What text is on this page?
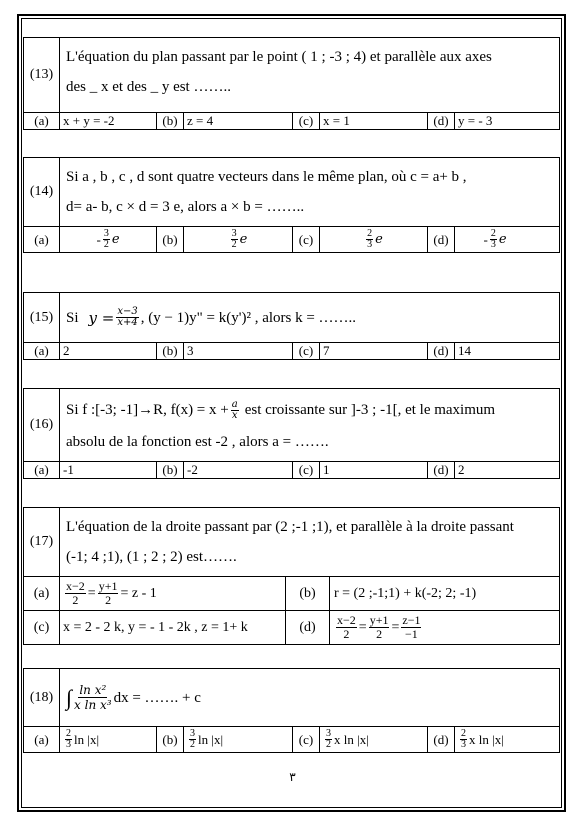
(13)
L'équation du plan passant par le point ( 1 ; -3 ; 4) et parallèle aux axes
des _ x et des _ y est ……..
(a)	x + y = -2	(b) z = 4	(c) x = 1	(d) y = - 3
(14)
Si a , b , c , d sont quatre vecteurs dans le même plan, où c = a+ b ,
d= a- b, c × d = 3 e, alors a × b = ……..
(a)	- $\frac{3}{2}$ e	(b)	$\frac{3}{2}$ e	(c)	$\frac{2}{3}$ e	(d)	- $\frac{2}{3}$ e
(15) Si $y = \frac{x-3}{x+4}$ , (y − 1)y" = k(y')² , alors k = ……..
(a)	2	(b) 3	(c) 7	(d) 14
(16)
Si f :[-3; -1]→R, $f(x) = x + \frac{a}{x}$ est croissante sur ]-3 ; -1[, et le maximum
absolu de la fonction est -2 , alors a = …….
(a)	-1	(b) -2	(c) 1	(d) 2
(17)
L'équation de la droite passant par (2 ;-1 ;1), et parallèle à la droite passant
(-1; 4 ;1), (1 ; 2 ; 2) est…….
(a)	$\frac{x-2}{2} = \frac{y+1}{2} = z - 1$	(b)	r = (2 ;-1;1) + k(-2; 2; -1)
(c) x = 2 - 2 k, y = - 1 - 2k , z = 1+ k	(d)	$\frac{x-2}{2} = \frac{y+1}{2} = \frac{z-1}{-1}$
(18) ∫ $\frac{\text{ln x²}}{\text{x ln x³}}$ dx = ……. + c
(a)	$\frac{2}{3}$ ln |x|	(b)	$\frac{3}{2}$ ln |x|	(c)	$\frac{3}{2}$ x ln |x|	(d)	$\frac{2}{3}$ x ln |x|
٣
